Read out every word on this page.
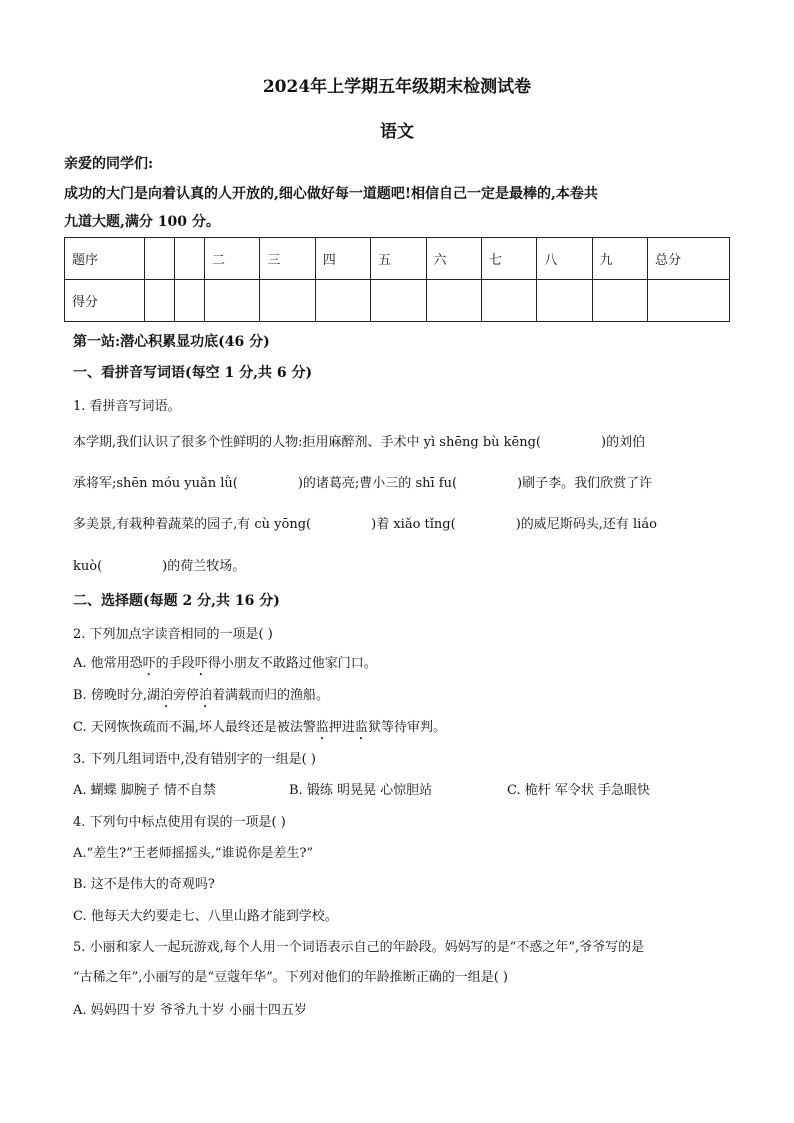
2024年上学期五年级期末检测试卷
语文
亲爱的同学们:
成功的大门是向着认真的人开放的,细心做好每一道题吧!相信自己一定是最棒的,本卷共
九道大题,满分 100 分。
题序			二	三	四	五	六	七	八	九	总分
得分											
第一站:潜心积累显功底(46 分)
一、看拼音写词语(每空 1 分,共 6 分)
1. 看拼音写词语。
本学期,我们认识了很多个性鲜明的人物:拒用麻醉剂、手术中 yì shēng bù kēng(	)的刘伯
承将军;shēn móu yuǎn lǜ(	)的诸葛亮;曹小三的 shī fu(	)刷子李。我们欣赏了许
多美景,有栽种着蔬菜的园子,有 cù yōng(	)着 xiǎo tǐng(	)的威尼斯码头,还有 liáo
kuò(	)的荷兰牧场。
二、选择题(每题 2 分,共 16 分)
2. 下列加点字读音相同的一项是( )
A. 他常用恐吓的手段吓得小朋友不敢路过他家门口。
B. 傍晚时分,湖泊旁停泊着满载而归的渔船。
C. 天网恢恢疏而不漏,坏人最终还是被法警监押进监狱等待审判。
3. 下列几组词语中,没有错别字的一组是( )
A. 蝴蝶 脚腕子 情不自禁	B. 锻练 明晃晃 心惊胆站	C. 桅杆 军令状 手急眼快
4. 下列句中标点使用有误的一项是( )
A.“差生?”王老师摇摇头,“谁说你是差生?”
B. 这不是伟大的奇观吗?
C. 他每天大约要走七、八里山路才能到学校。
5. 小丽和家人一起玩游戏,每个人用一个词语表示自己的年龄段。妈妈写的是“不惑之年”,爷爷写的是
“古稀之年”,小丽写的是“豆蔻年华”。下列对他们的年龄推断正确的一组是( )
A. 妈妈四十岁 爷爷九十岁 小丽十四五岁
